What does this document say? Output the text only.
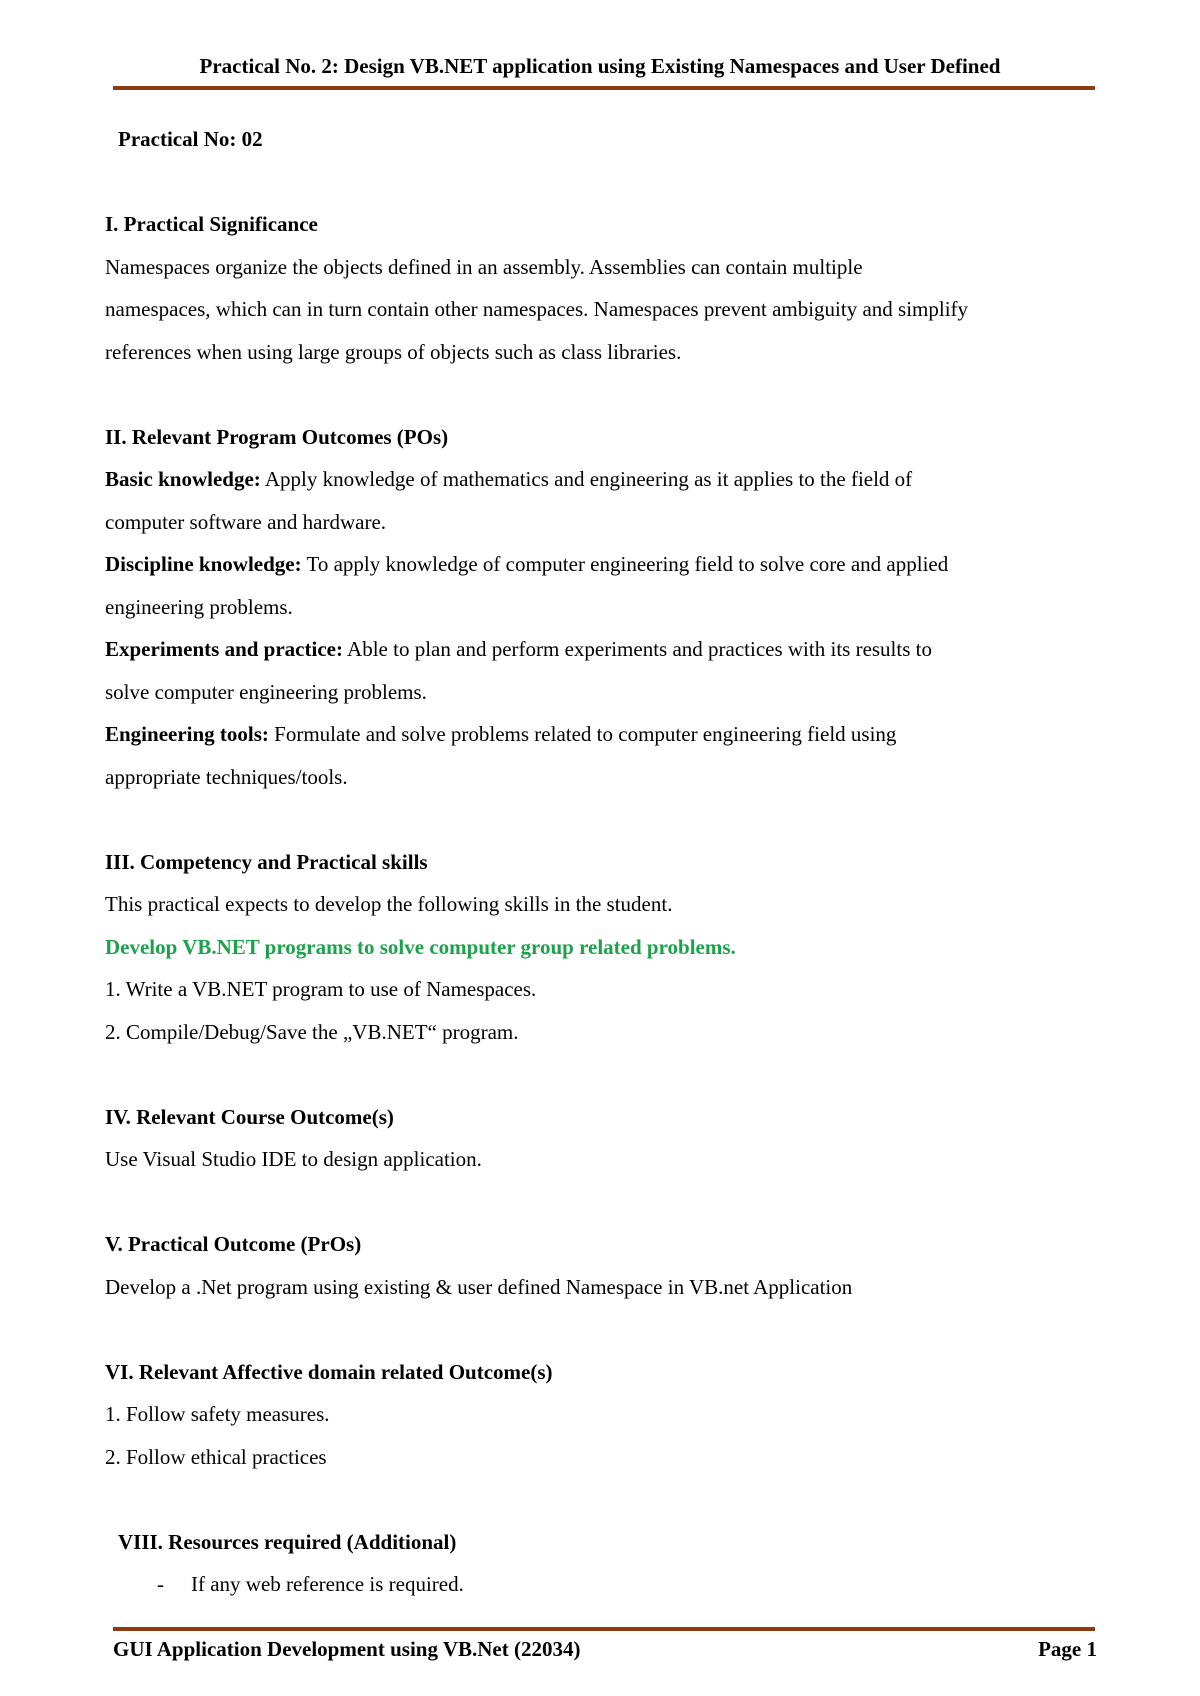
Practical No. 2: Design VB.NET application using Existing Namespaces and User Defined
Practical No: 02
I. Practical Significance
Namespaces organize the objects defined in an assembly. Assemblies can contain multiple
namespaces, which can in turn contain other namespaces. Namespaces prevent ambiguity and simplify
references when using large groups of objects such as class libraries.
II. Relevant Program Outcomes (POs)
Basic knowledge: Apply knowledge of mathematics and engineering as it applies to the field of
computer software and hardware.
Discipline knowledge: To apply knowledge of computer engineering field to solve core and applied
engineering problems.
Experiments and practice: Able to plan and perform experiments and practices with its results to
solve computer engineering problems.
Engineering tools: Formulate and solve problems related to computer engineering field using
appropriate techniques/tools.
III. Competency and Practical skills
This practical expects to develop the following skills in the student.
Develop VB.NET programs to solve computer group related problems.
1. Write a VB.NET program to use of Namespaces.
2. Compile/Debug/Save the „VB.NET“ program.
IV. Relevant Course Outcome(s)
Use Visual Studio IDE to design application.
V. Practical Outcome (PrOs)
Develop a .Net program using existing & user defined Namespace in VB.net Application
VI. Relevant Affective domain related Outcome(s)
1. Follow safety measures.
2. Follow ethical practices
VIII. Resources required (Additional)
- If any web reference is required.
GUI Application Development using VB.Net (22034)	Page 1
